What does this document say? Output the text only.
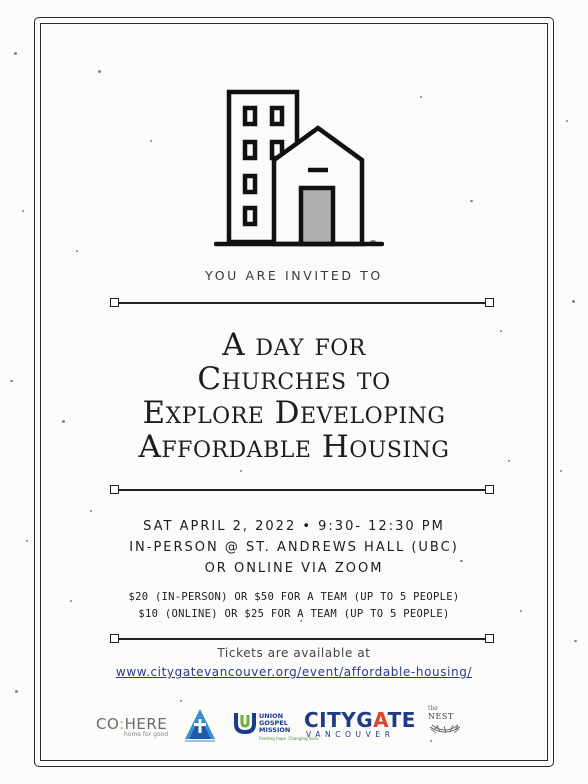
YOU ARE INVITED TO
A day for
Churches to
Explore Developing
Affordable Housing
SAT APRIL 2, 2022 • 9:30- 12:30 PM
IN-PERSON @ ST. ANDREWS HALL (UBC)
OR ONLINE VIA ZOOM
$20 (IN-PERSON) OR $50 FOR A TEAM (UP TO 5 PEOPLE)
$10 (ONLINE) OR $25 FOR A TEAM (UP TO 5 PEOPLE)
Tickets are available at
www.citygatevancouver.org/event/affordable-housing/
CO:HERE
home for good
UNION GOSPEL MISSION
Feeding hope. Changing lives.
CITYGATE
VANCOUVER
the
NEST
